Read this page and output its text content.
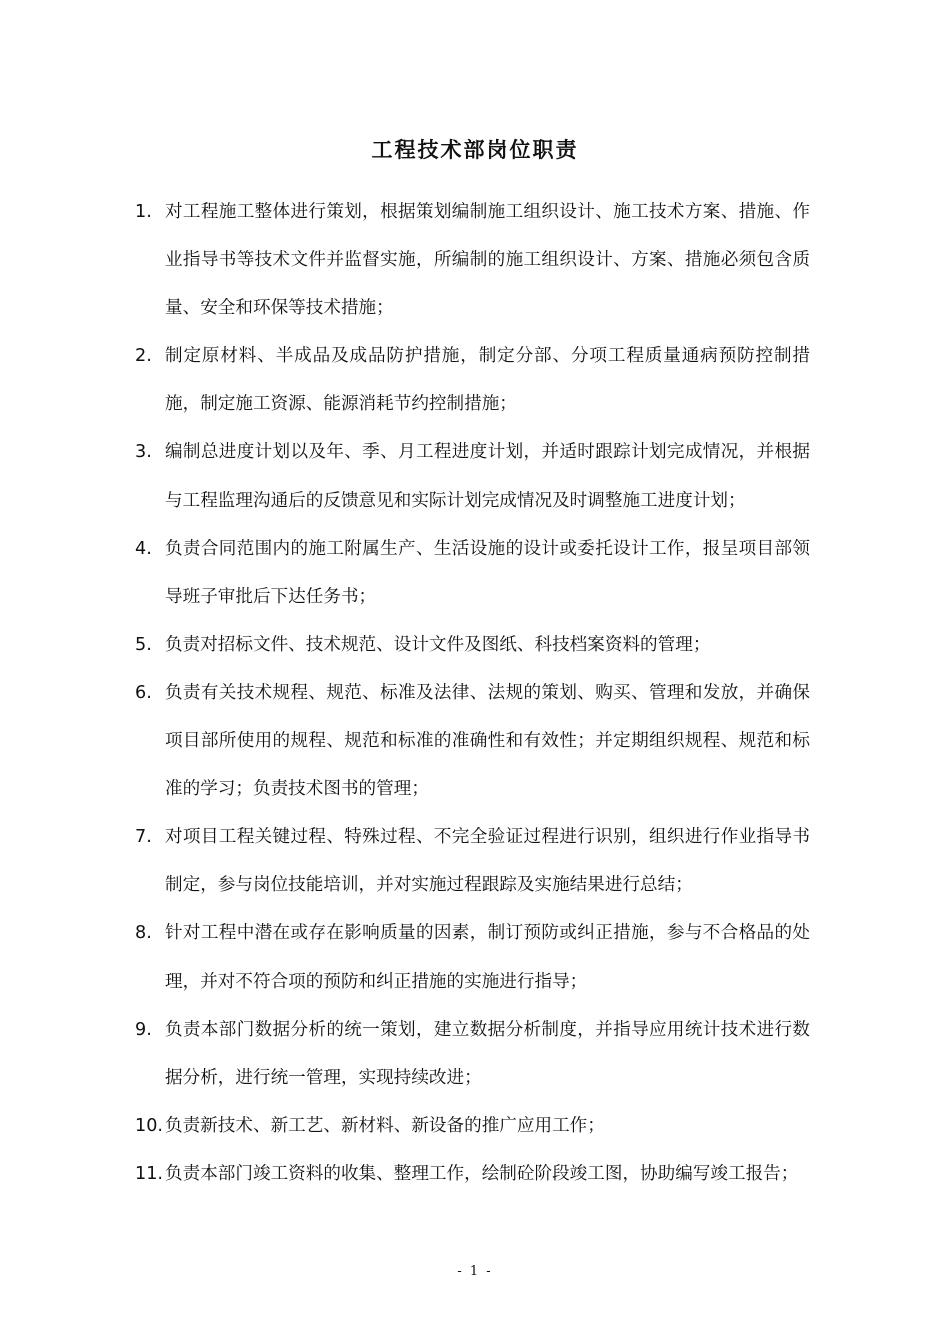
工程技术部岗位职责
1. 对工程施工整体进行策划，根据策划编制施工组织设计、施工技术方案、措施、作业指导书等技术文件并监督实施，所编制的施工组织设计、方案、措施必须包含质量、安全和环保等技术措施；
2. 制定原材料、半成品及成品防护措施，制定分部、分项工程质量通病预防控制措施，制定施工资源、能源消耗节约控制措施；
3. 编制总进度计划以及年、季、月工程进度计划，并适时跟踪计划完成情况，并根据与工程监理沟通后的反馈意见和实际计划完成情况及时调整施工进度计划；
4. 负责合同范围内的施工附属生产、生活设施的设计或委托设计工作，报呈项目部领导班子审批后下达任务书；
5. 负责对招标文件、技术规范、设计文件及图纸、科技档案资料的管理；
6. 负责有关技术规程、规范、标准及法律、法规的策划、购买、管理和发放，并确保项目部所使用的规程、规范和标准的准确性和有效性；并定期组织规程、规范和标准的学习；负责技术图书的管理；
7. 对项目工程关键过程、特殊过程、不完全验证过程进行识别，组织进行作业指导书制定，参与岗位技能培训，并对实施过程跟踪及实施结果进行总结；
8. 针对工程中潜在或存在影响质量的因素，制订预防或纠正措施，参与不合格品的处理，并对不符合项的预防和纠正措施的实施进行指导；
9. 负责本部门数据分析的统一策划，建立数据分析制度，并指导应用统计技术进行数据分析，进行统一管理，实现持续改进；
10. 负责新技术、新工艺、新材料、新设备的推广应用工作；
11. 负责本部门竣工资料的收集、整理工作，绘制砼阶段竣工图，协助编写竣工报告；
- 1 -
